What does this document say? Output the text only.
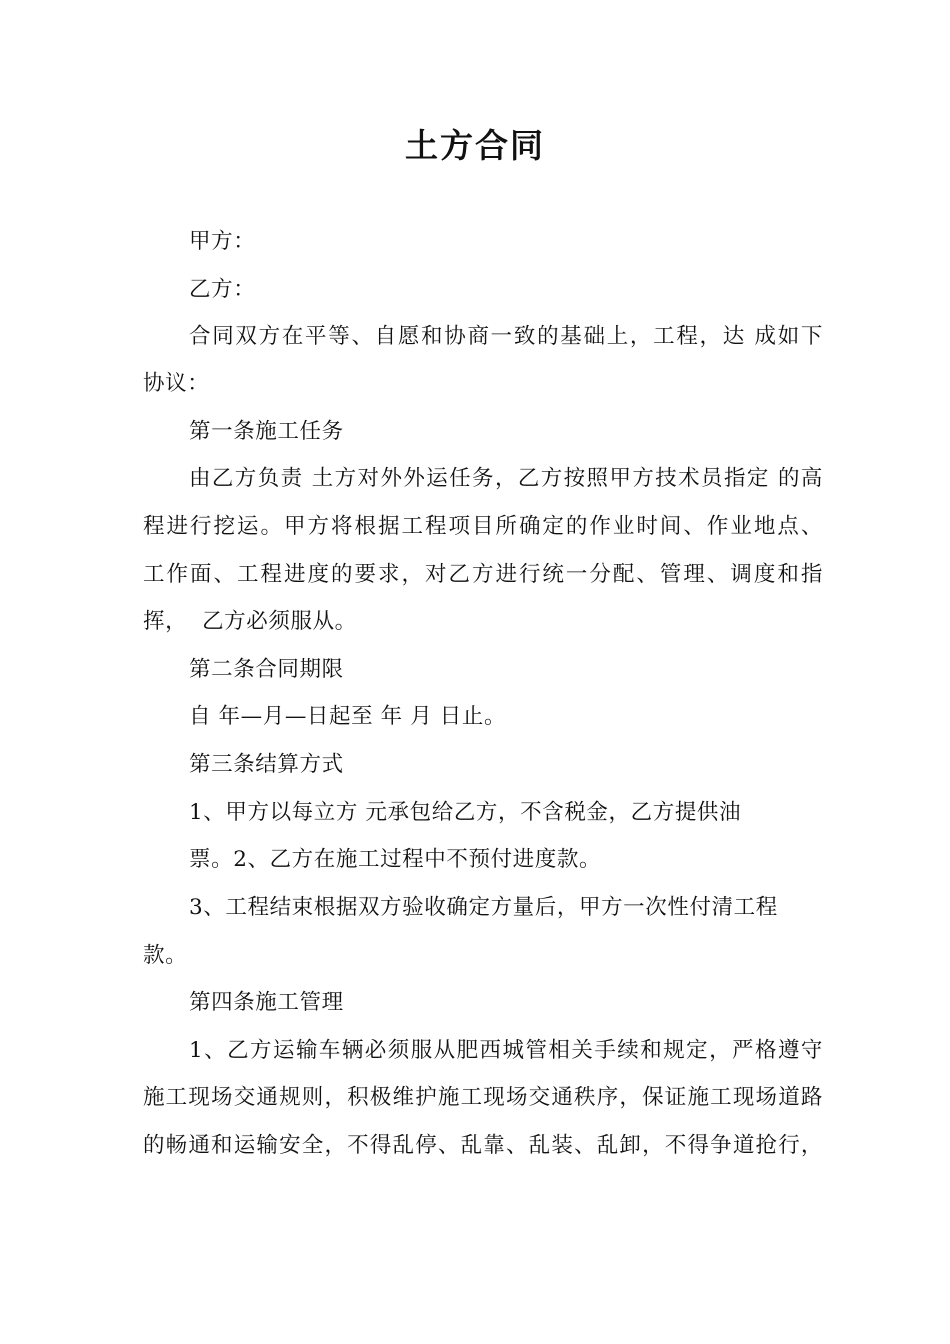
土方合同
甲方：
乙方：
合同双方在平等、自愿和协商一致的基础上，工程，达 成如下
协议：
第一条施工任务
由乙方负责 土方对外外运任务，乙方按照甲方技术员指定 的高
程进行挖运。甲方将根据工程项目所确定的作业时间、作业地点、
工作面、工程进度的要求，对乙方进行统一分配、管理、调度和指
挥，  乙方必须服从。
第二条合同期限
自 年—月—日起至 年 月 日止。
第三条结算方式
1、甲方以每立方 元承包给乙方，不含税金，乙方提供油
票。2、乙方在施工过程中不预付进度款。
3、工程结束根据双方验收确定方量后，甲方一次性付清工程
款。
第四条施工管理
1、乙方运输车辆必须服从肥西城管相关手续和规定，严格遵守
施工现场交通规则，积极维护施工现场交通秩序，保证施工现场道路
的畅通和运输安全，不得乱停、乱靠、乱装、乱卸，不得争道抢行，
